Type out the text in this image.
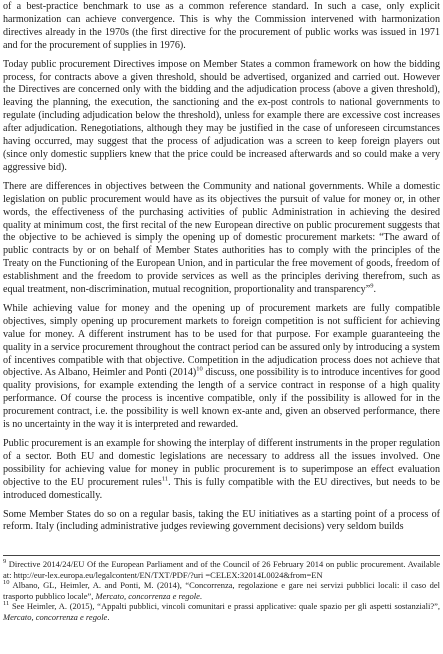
of a best-practice benchmark to use as a common reference standard. In such a case, only explicit harmonization can achieve convergence. This is why the Commission intervened with harmonization directives already in the 1970s (the first directive for the procurement of public works was issued in 1971 and for the procurement of supplies in 1976).

Today public procurement Directives impose on Member States a common framework on how the bidding process, for contracts above a given threshold, should be advertised, organized and carried out. However the Directives are concerned only with the bidding and the adjudication process (above a given threshold), leaving the planning, the execution, the sanctioning and the ex-post controls to national governments to regulate (including adjudication below the threshold), unless for example there are excessive cost increases after adjudication. Renegotiations, although they may be justified in the case of unforeseen circumstances having occurred, may suggest that the process of adjudication was a screen to keep foreign players out (since only domestic suppliers knew that the price could be increased afterwards and so could make a very aggressive bid).

There are differences in objectives between the Community and national governments. While a domestic legislation on public procurement would have as its objectives the pursuit of value for money or, in other words, the effectiveness of the purchasing activities of public Administration in achieving the desired quality at minimum cost, the first recital of the new European directive on public procurement suggests that the objective to be achieved is simply the opening up of domestic procurement markets: “The award of public contracts by or on behalf of Member States authorities has to comply with the principles of the Treaty on the Functioning of the European Union, and in particular the free movement of goods, freedom of establishment and the freedom to provide services as well as the principles deriving therefrom, such as equal treatment, non-discrimination, mutual recognition, proportionality and transparency”$^9$.

While achieving value for money and the opening up of procurement markets are fully compatible objectives, simply opening up procurement markets to foreign competition is not sufficient for achieving value for money. A different instrument has to be used for that purpose. For example guaranteeing the quality in a service procurement throughout the contract period can be assured only by introducing a system of incentives compatible with that objective. Competition in the adjudication process does not achieve that objective. As Albano, Heimler and Ponti (2014)$^{10}$ discuss, one possibility is to introduce incentives for good quality provisions, for example extending the length of a service contract in response of a high quality performance. Of course the process is incentive compatible, only if the possibility is allowed for in the procurement contract, i.e. the possibility is well known ex-ante and, given an observed performance, there is no uncertainty in the way it is interpreted and rewarded.

Public procurement is an example for showing the interplay of different instruments in the proper regulation of a sector. Both EU and domestic legislations are necessary to address all the issues involved. One possibility for achieving value for money in public procurement is to superimpose an effect evaluation objective to the EU procurement rules$^{11}$. This is fully compatible with the EU directives, but needs to be introduced domestically.

Some Member States do so on a regular basis, taking the EU initiatives as a starting point of a process of reform. Italy (including administrative judges reviewing government decisions) very seldom builds

$^9$ Directive 2014/24/EU Of the European Parliament and of the Council of 26 February 2014 on public procurement. Available at: http://eur-lex.europa.eu/legalcontent/EN/TXT/PDF/?uri =CELEX:32014L0024&from=EN

$^{10}$ Albano, GL, Heimler, A. and Ponti, M. (2014), “Concorrenza, regolazione e gare nei servizi pubblici locali: il caso del trasporto pubblico locale”, Mercato, concorrenza e regole.

$^{11}$ See Heimler, A. (2015), “Appalti pubblici, vincoli comunitari e prassi applicative: quale spazio per gli aspetti sostanziali?”, Mercato, concorrenza e regole.
